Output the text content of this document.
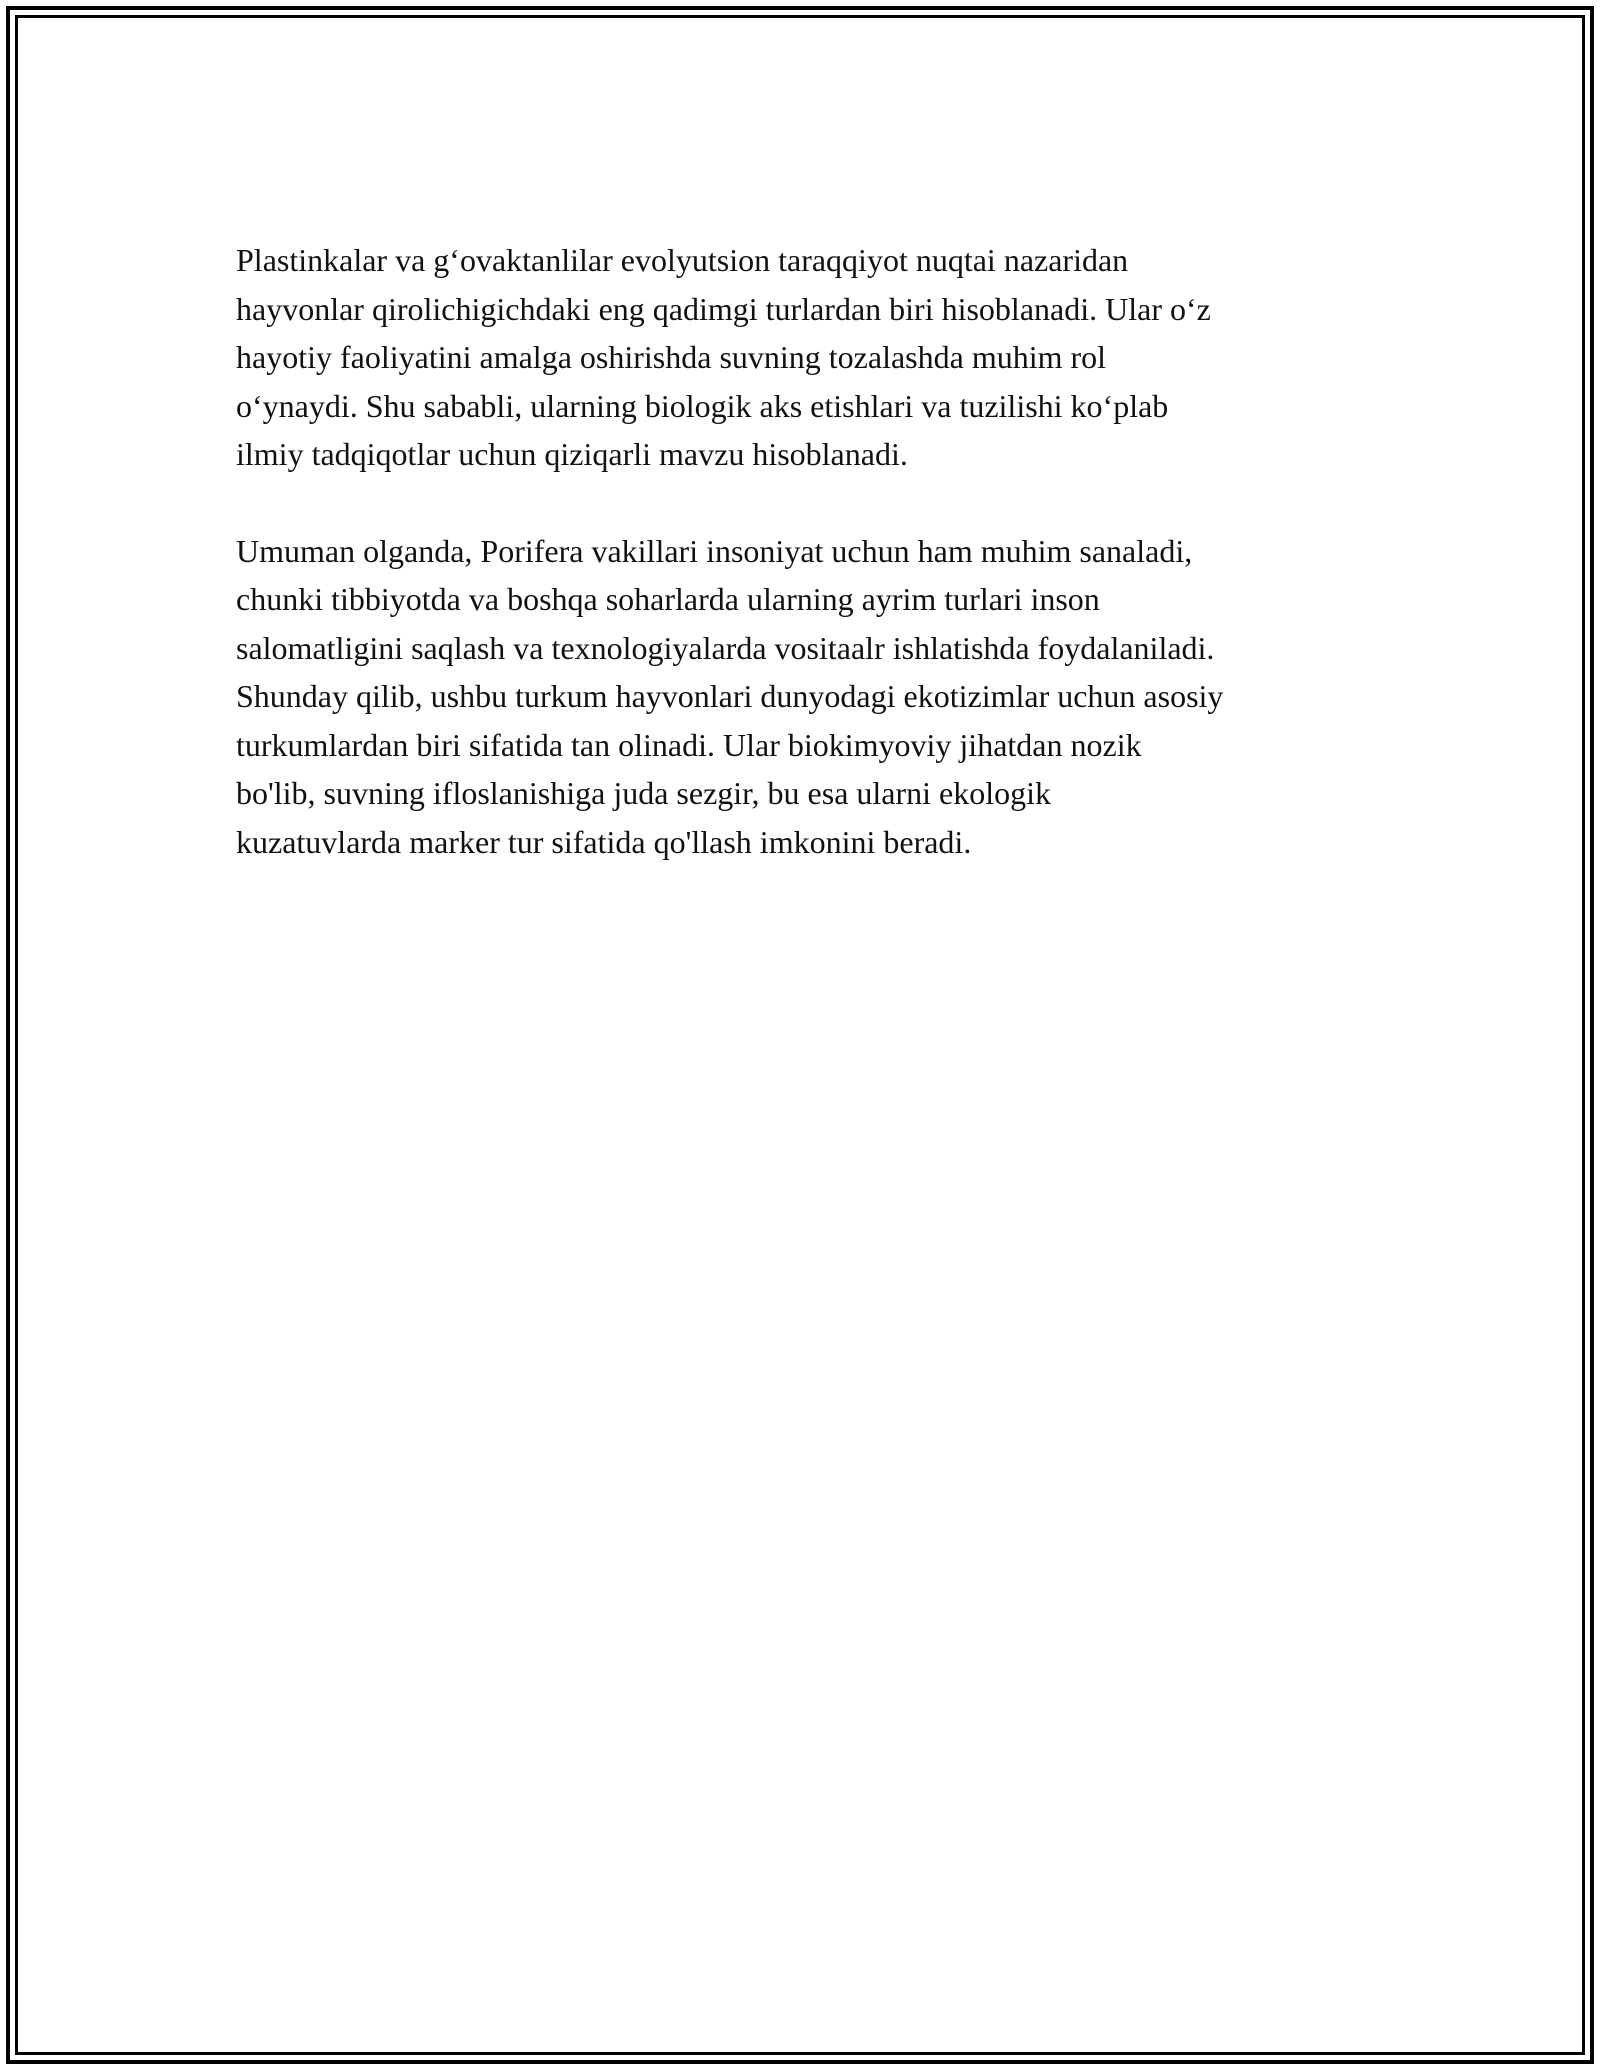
Plastinkalar va g‘ovaktanlilar evolyutsion taraqqiyot nuqtai nazaridan
hayvonlar qirolichigichdaki eng qadimgi turlardan biri hisoblanadi. Ular o‘z
hayotiy faoliyatini amalga oshirishda suvning tozalashda muhim rol
o‘ynaydi. Shu sababli, ularning biologik aks etishlari va tuzilishi ko‘plab
ilmiy tadqiqotlar uchun qiziqarli mavzu hisoblanadi.

Umuman olganda, Porifera vakillari insoniyat uchun ham muhim sanaladi,
chunki tibbiyotda va boshqa soharlarda ularning ayrim turlari inson
salomatligini saqlash va texnologiyalarda vositaalr ishlatishda foydalaniladi.
Shunday qilib, ushbu turkum hayvonlari dunyodagi ekotizimlar uchun asosiy
turkumlardan biri sifatida tan olinadi. Ular biokimyoviy jihatdan nozik
bo'lib, suvning ifloslanishiga juda sezgir, bu esa ularni ekologik
kuzatuvlarda marker tur sifatida qo'llash imkonini beradi.
